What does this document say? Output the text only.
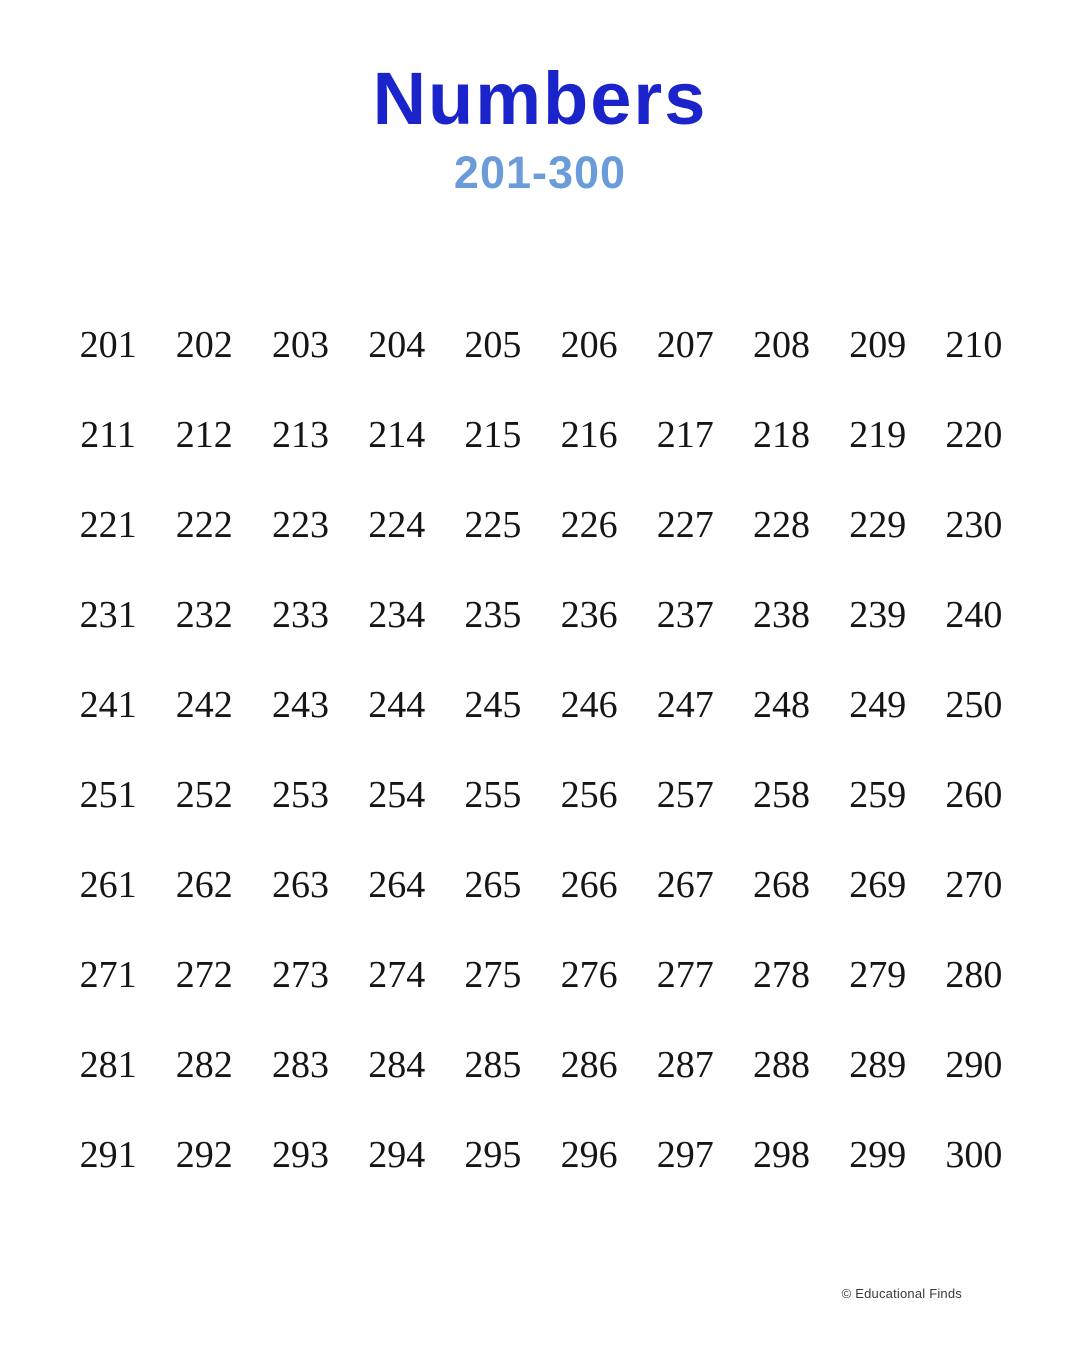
Numbers
201-300
201	202	203	204	205	206	207	208	209	210
211	212	213	214	215	216	217	218	219	220
221	222	223	224	225	226	227	228	229	230
231	232	233	234	235	236	237	238	239	240
241	242	243	244	245	246	247	248	249	250
251	252	253	254	255	256	257	258	259	260
261	262	263	264	265	266	267	268	269	270
271	272	273	274	275	276	277	278	279	280
281	282	283	284	285	286	287	288	289	290
291	292	293	294	295	296	297	298	299	300
© Educational Finds
